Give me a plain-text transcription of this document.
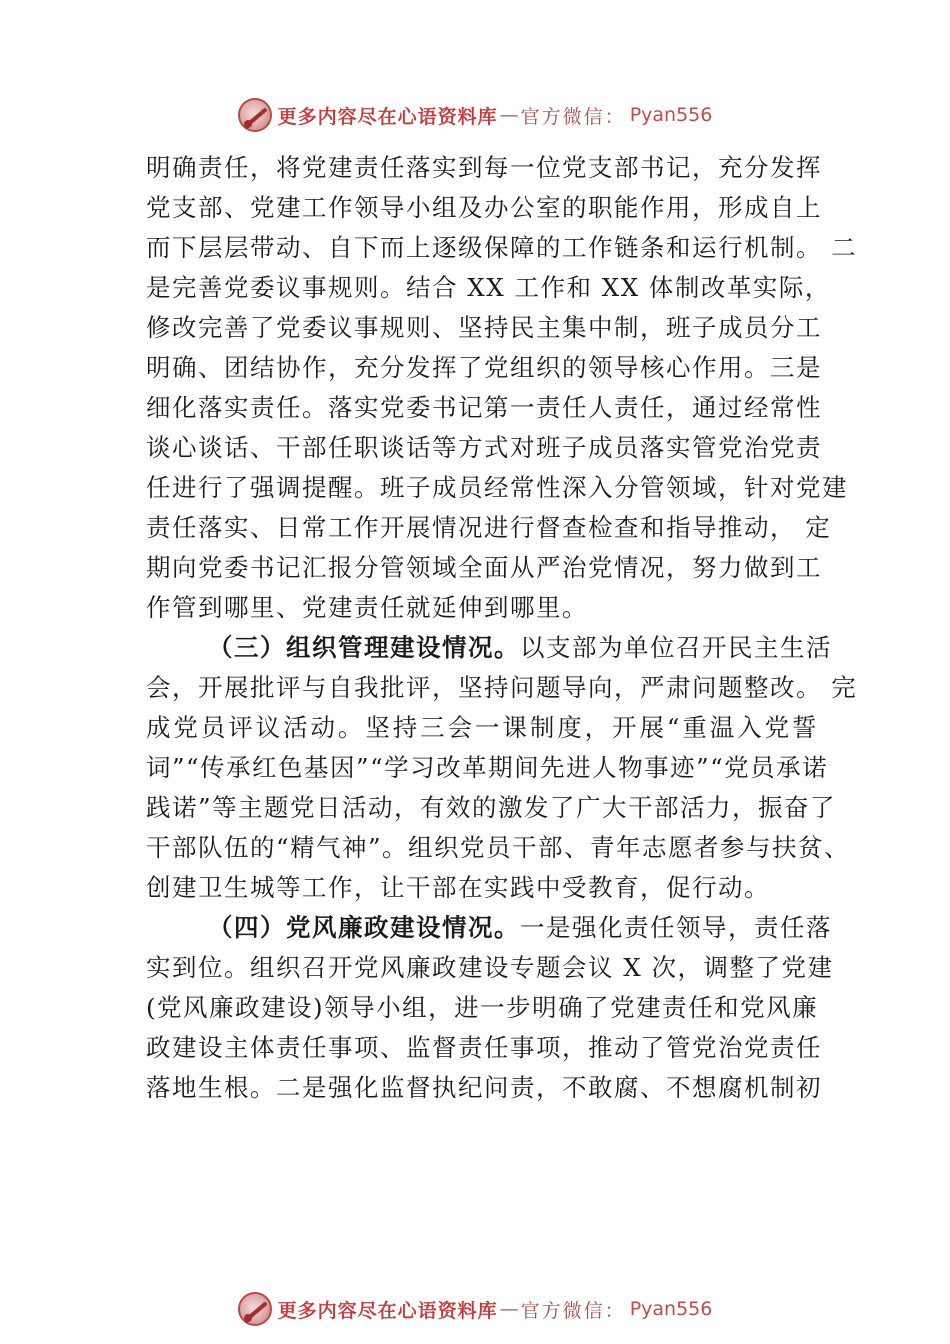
更多内容尽在心语资料库 — 官方微信： Pyan556
明确责任，将党建责任落实到每一位党支部书记，充分发挥
党支部、党建工作领导小组及办公室的职能作用，形成自上
而下层层带动、自下而上逐级保障的工作链条和运行机制。 二
是完善党委议事规则。结合 XX 工作和 XX 体制改革实际，
修改完善了党委议事规则、坚持民主集中制，班子成员分工
明确、团结协作，充分发挥了党组织的领导核心作用。三是
细化落实责任。落实党委书记第一责任人责任，通过经常性
谈心谈话、干部任职谈话等方式对班子成员落实管党治党责
任进行了强调提醒。班子成员经常性深入分管领域，针对党建
责任落实、日常工作开展情况进行督查检查和指导推动， 定
期向党委书记汇报分管领域全面从严治党情况，努力做到工
作管到哪里、党建责任就延伸到哪里。
（三）组织管理建设情况。以支部为单位召开民主生活
会，开展批评与自我批评，坚持问题导向，严肃问题整改。 完
成党员评议活动。坚持三会一课制度，开展“重温入党誓
词”“传承红色基因”“学习改革期间先进人物事迹”“党员承诺
践诺”等主题党日活动，有效的激发了广大干部活力，振奋了
干部队伍的“精气神”。组织党员干部、青年志愿者参与扶贫、
创建卫生城等工作，让干部在实践中受教育，促行动。
（四）党风廉政建设情况。一是强化责任领导，责任落
实到位。组织召开党风廉政建设专题会议 X 次，调整了党建
(党风廉政建设)领导小组，进一步明确了党建责任和党风廉
政建设主体责任事项、监督责任事项，推动了管党治党责任
落地生根。二是强化监督执纪问责，不敢腐、不想腐机制初
更多内容尽在心语资料库 — 官方微信： Pyan556
